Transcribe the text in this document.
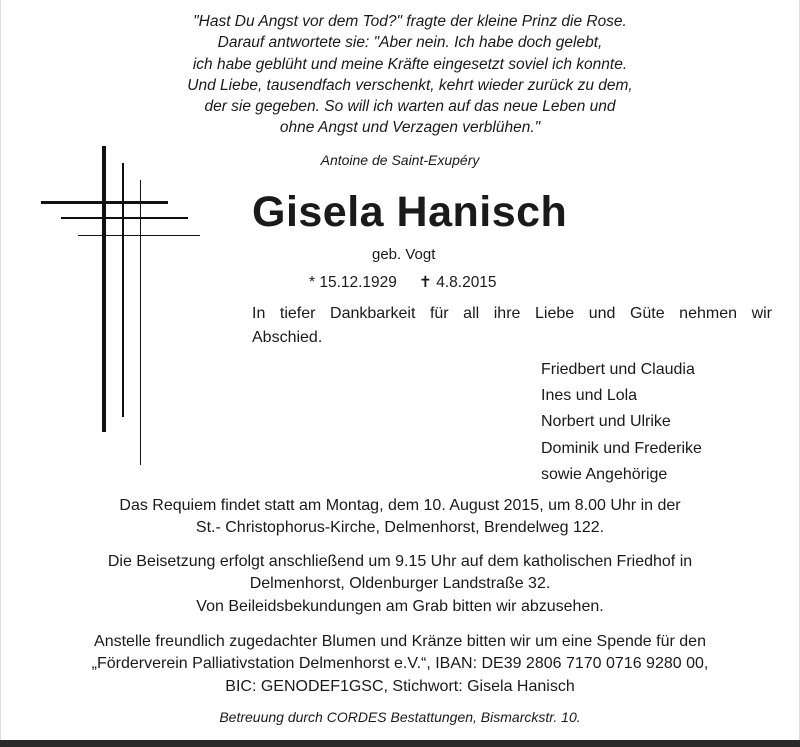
"Hast Du Angst vor dem Tod?" fragte der kleine Prinz die Rose.
Darauf antwortete sie: "Aber nein. Ich habe doch gelebt,
ich habe geblüht und meine Kräfte eingesetzt soviel ich konnte.
Und Liebe, tausendfach verschenkt, kehrt wieder zurück zu dem,
der sie gegeben. So will ich warten auf das neue Leben und
ohne Angst und Verzagen verblühen."
Antoine de Saint-Exupéry
Gisela Hanisch
geb. Vogt
* 15.12.1929 ✝ 4.8.2015
In tiefer Dankbarkeit für all ihre Liebe und Güte nehmen wir
Abschied.
Friedbert und Claudia
Ines und Lola
Norbert und Ulrike
Dominik und Frederike
sowie Angehörige
Das Requiem findet statt am Montag, dem 10. August 2015, um 8.00 Uhr in der
St.- Christophorus-Kirche, Delmenhorst, Brendelweg 122.
Die Beisetzung erfolgt anschließend um 9.15 Uhr auf dem katholischen Friedhof in
Delmenhorst, Oldenburger Landstraße 32.
Von Beileidsbekundungen am Grab bitten wir abzusehen.
Anstelle freundlich zugedachter Blumen und Kränze bitten wir um eine Spende für den
„Förderverein Palliativstation Delmenhorst e.V.“, IBAN: DE39 2806 7170 0716 9280 00,
BIC: GENODEF1GSC, Stichwort: Gisela Hanisch
Betreuung durch CORDES Bestattungen, Bismarckstr. 10.
